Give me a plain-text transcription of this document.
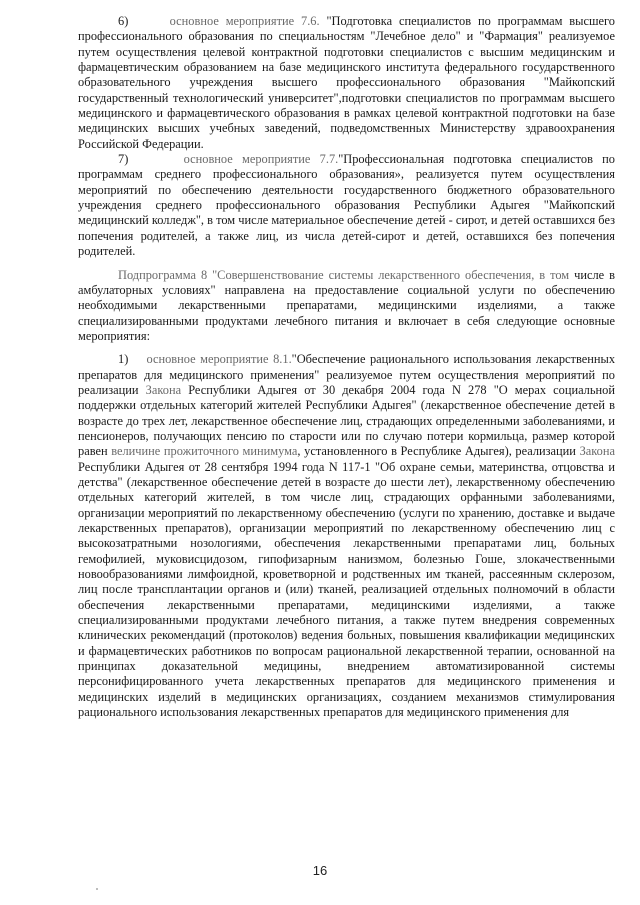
6)	основное мероприятие 7.6. "Подготовка специалистов по программам высшего профессионального образования по специальностям "Лечебное дело" и "Фармация" реализуемое путем осуществления целевой контрактной подготовки специалистов с высшим медицинским и фармацевтическим образованием на базе медицинского института федерального государственного образовательного учреждения высшего профессионального образования "Майкопский государственный технологический университет",подготовки специалистов по программам высшего медицинского и фармацевтического образования в рамках целевой контрактной подготовки на базе медицинских высших учебных заведений, подведомственных Министерству здравоохранения Российской Федерации.

7)	основное мероприятие 7.7."Профессиональная подготовка специалистов по программам среднего профессионального образования», реализуется путем осуществления мероприятий по обеспечению деятельности государственного бюджетного образовательного учреждения среднего профессионального образования Республики Адыгея "Майкопский медицинский колледж", в том числе материальное обеспечение детей - сирот, и детей оставшихся без попечения родителей, а также лиц, из числа детей-сирот и детей, оставшихся без попечения родителей.

Подпрограмма 8 "Совершенствование системы лекарственного обеспечения, в том числе в амбулаторных условиях" направлена на предоставление социальной услуги по обеспечению необходимыми лекарственными препаратами, медицинскими изделиями, а также специализированными продуктами лечебного питания и включает в себя следующие основные мероприятия:

1) основное мероприятие 8.1."Обеспечение рационального использования лекарственных препаратов для медицинского применения" реализуемое путем осуществления мероприятий по реализации Закона Республики Адыгея от 30 декабря 2004 года N 278 "О мерах социальной поддержки отдельных категорий жителей Республики Адыгея" (лекарственное обеспечение детей в возрасте до трех лет, лекарственное обеспечение лиц, страдающих определенными заболеваниями, и пенсионеров, получающих пенсию по старости или по случаю потери кормильца, размер которой равен величине прожиточного минимума, установленного в Республике Адыгея), реализации Закона Республики Адыгея от 28 сентября 1994 года N 117-1 "Об охране семьи, материнства, отцовства и детства" (лекарственное обеспечение детей в возрасте до шести лет), лекарственному обеспечению отдельных категорий жителей, в том числе лиц, страдающих орфанными заболеваниями, организации мероприятий по лекарственному обеспечению (услуги по хранению, доставке и выдаче лекарственных препаратов), организации мероприятий по лекарственному обеспечению лиц с высокозатратными нозологиями, обеспечения лекарственными препаратами лиц, больных гемофилией, муковисцидозом, гипофизарным нанизмом, болезнью Гоше, злокачественными новообразованиями лимфоидной, кроветворной и родственных им тканей, рассеянным склерозом, лиц после трансплантации органов и (или) тканей, реализацией отдельных полномочий в области обеспечения лекарственными препаратами, медицинскими изделиями, а также специализированными продуктами лечебного питания, а также путем внедрения современных клинических рекомендаций (протоколов) ведения больных, повышения квалификации медицинских и фармацевтических работников по вопросам рациональной лекарственной терапии, основанной на принципах доказательной медицины, внедрением автоматизированной системы персонифицированного учета лекарственных препаратов для медицинского применения и медицинских изделий в медицинских организациях, созданием механизмов стимулирования рационального использования лекарственных препаратов для медицинского применения для

16
